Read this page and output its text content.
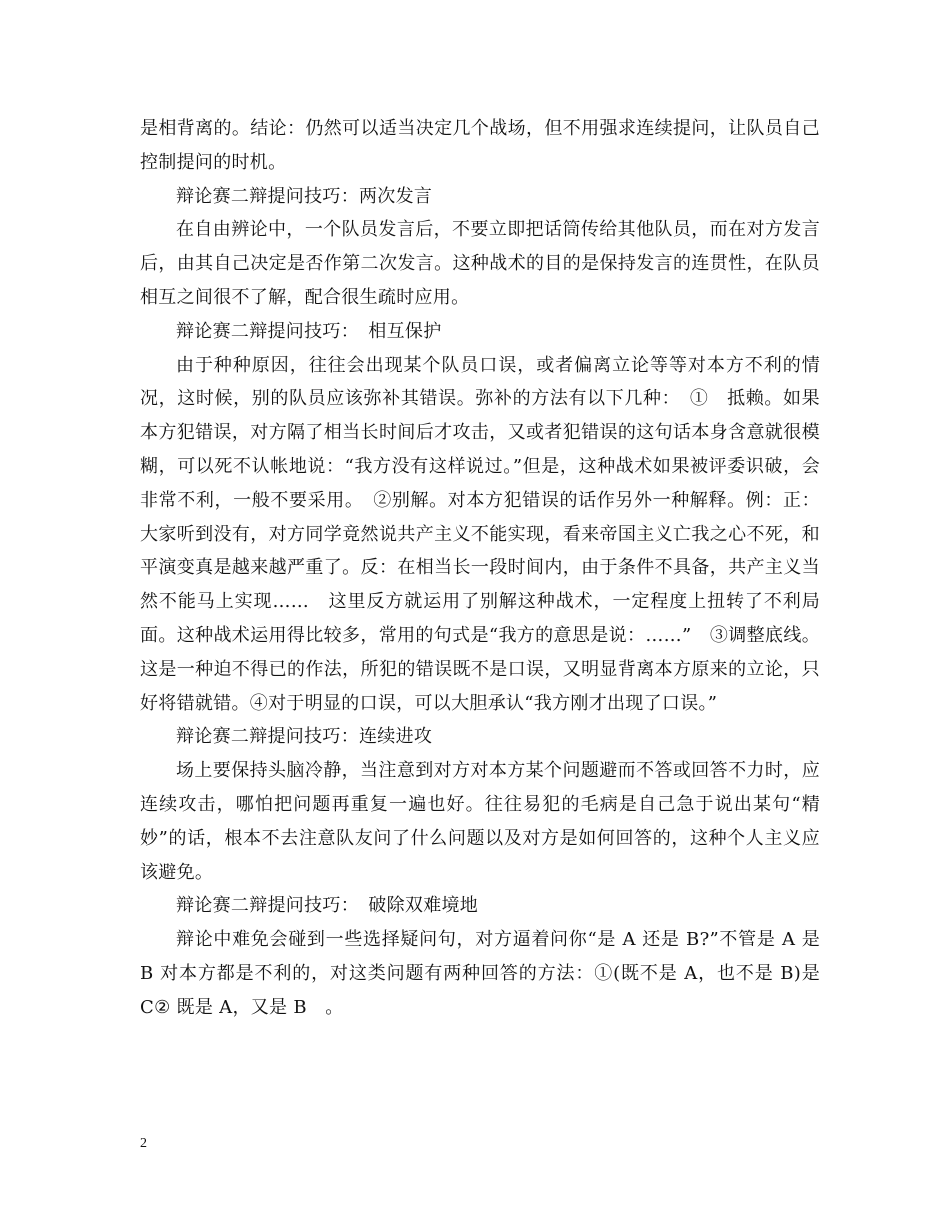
是相背离的。结论：仍然可以适当决定几个战场，但不用强求连续提问，让队员自己控制提问的时机。

辩论赛二辩提问技巧：两次发言

在自由辨论中，一个队员发言后，不要立即把话筒传给其他队员，而在对方发言后，由其自己决定是否作第二次发言。这种战术的目的是保持发言的连贯性，在队员相互之间很不了解，配合很生疏时应用。

辩论赛二辩提问技巧：　相互保护

由于种种原因，往往会出现某个队员口误，或者偏离立论等等对本方不利的情况，这时候，别的队员应该弥补其错误。弥补的方法有以下几种：　①　抵赖。如果本方犯错误，对方隔了相当长时间后才攻击，又或者犯错误的这句话本身含意就很模糊，可以死不认帐地说：“我方没有这样说过。”但是，这种战术如果被评委识破，会非常不利，一般不要采用。　②别解。对本方犯错误的话作另外一种解释。例：正：大家听到没有，对方同学竟然说共产主义不能实现，看来帝国主义亡我之心不死，和平演变真是越来越严重了。反：在相当长一段时间内，由于条件不具备，共产主义当然不能马上实现……　这里反方就运用了别解这种战术，一定程度上扭转了不利局面。这种战术运用得比较多，常用的句式是“我方的意思是说：……”　③调整底线。这是一种迫不得已的作法，所犯的错误既不是口误，又明显背离本方原来的立论，只好将错就错。④对于明显的口误，可以大胆承认“我方刚才出现了口误。”

辩论赛二辩提问技巧：连续进攻

场上要保持头脑冷静，当注意到对方对本方某个问题避而不答或回答不力时，应连续攻击，哪怕把问题再重复一遍也好。往往易犯的毛病是自己急于说出某句“精妙”的话，根本不去注意队友问了什么问题以及对方是如何回答的，这种个人主义应该避免。

辩论赛二辩提问技巧：　破除双难境地

辩论中难免会碰到一些选择疑问句，对方逼着问你“是 A 还是 B?”不管是 A 是 B 对本方都是不利的，对这类问题有两种回答的方法：①(既不是 A，也不是 B)是 C② 既是 A，又是 B　。

2
